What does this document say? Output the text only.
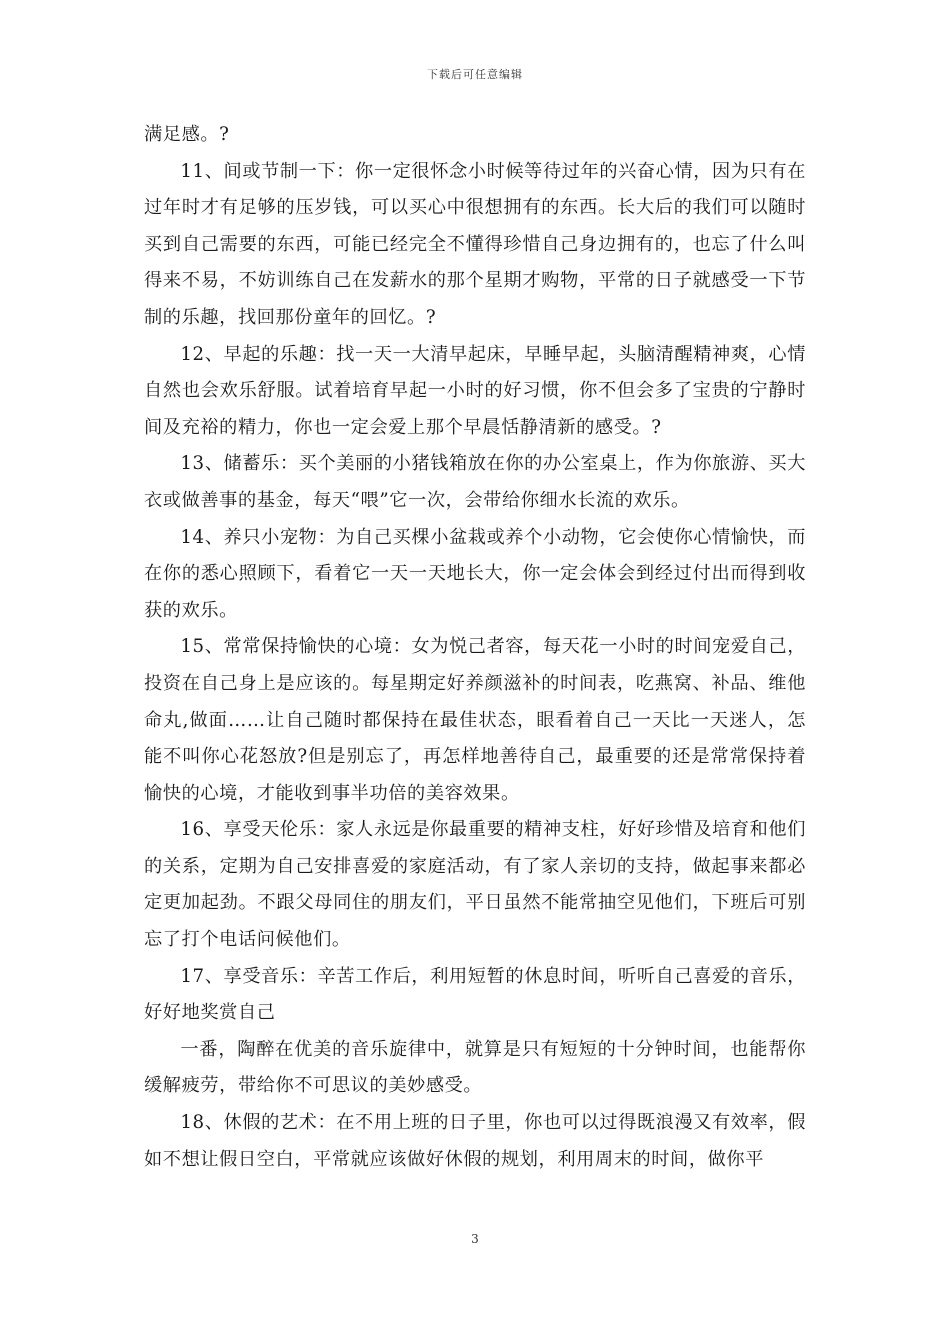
下载后可任意编辑

满足感。?

11、间或节制一下：你一定很怀念小时候等待过年的兴奋心情，因为只有在过年时才有足够的压岁钱，可以买心中很想拥有的东西。长大后的我们可以随时买到自己需要的东西，可能已经完全不懂得珍惜自己身边拥有的，也忘了什么叫得来不易，不妨训练自己在发薪水的那个星期才购物，平常的日子就感受一下节制的乐趣，找回那份童年的回忆。?

12、早起的乐趣：找一天一大清早起床，早睡早起，头脑清醒精神爽，心情自然也会欢乐舒服。试着培育早起一小时的好习惯，你不但会多了宝贵的宁静时间及充裕的精力，你也一定会爱上那个早晨恬静清新的感受。?

13、储蓄乐：买个美丽的小猪钱箱放在你的办公室桌上，作为你旅游、买大衣或做善事的基金，每天“喂”它一次，会带给你细水长流的欢乐。

14、养只小宠物：为自己买棵小盆栽或养个小动物，它会使你心情愉快，而在你的悉心照顾下，看着它一天一天地长大，你一定会体会到经过付出而得到收获的欢乐。

15、常常保持愉快的心境：女为悦己者容，每天花一小时的时间宠爱自己，投资在自己身上是应该的。每星期定好养颜滋补的时间表，吃燕窝、补品、维他命丸,做面……让自己随时都保持在最佳状态，眼看着自己一天比一天迷人，怎能不叫你心花怒放?但是别忘了，再怎样地善待自己，最重要的还是常常保持着愉快的心境，才能收到事半功倍的美容效果。

16、享受天伦乐：家人永远是你最重要的精神支柱，好好珍惜及培育和他们的关系，定期为自己安排喜爱的家庭活动，有了家人亲切的支持，做起事来都必定更加起劲。不跟父母同住的朋友们，平日虽然不能常抽空见他们，下班后可别忘了打个电话问候他们。

17、享受音乐：辛苦工作后，利用短暂的休息时间，听听自己喜爱的音乐，好好地奖赏自己

一番，陶醉在优美的音乐旋律中，就算是只有短短的十分钟时间，也能帮你缓解疲劳，带给你不可思议的美妙感受。

18、休假的艺术：在不用上班的日子里，你也可以过得既浪漫又有效率，假如不想让假日空白，平常就应该做好休假的规划，利用周末的时间，做你平

3
